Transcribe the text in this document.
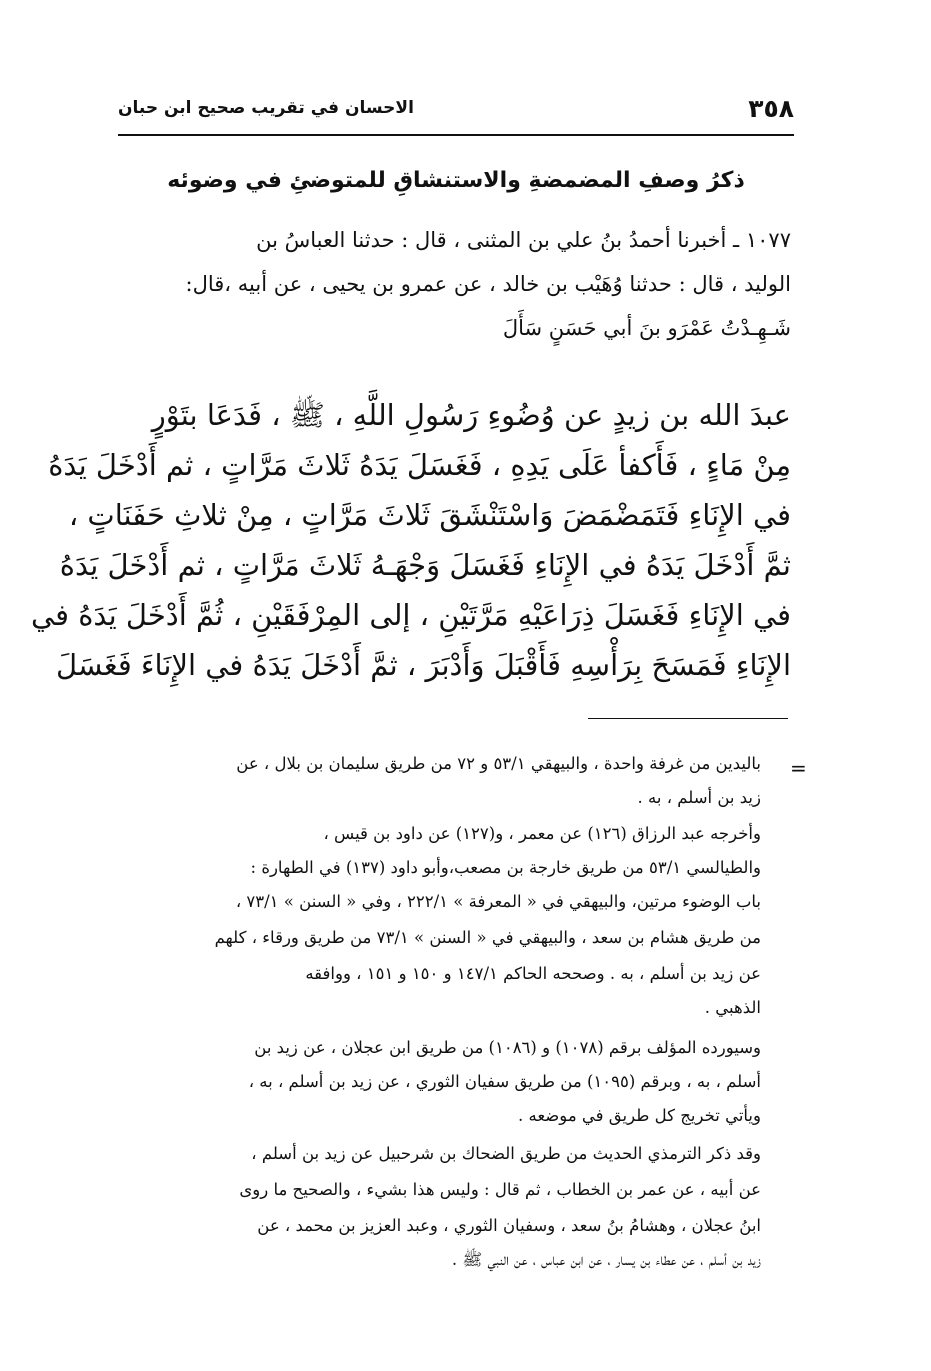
٣٥٨
الاحسان في تقريب صحيح ابن حبان
ذكرُ وصفِ المضمضةِ والاستنشاقِ للمتوضئِ في وضوئه
١٠٧٧ ـ أخبرنا أحمدُ بنُ علي بن المثنى ، قال : حدثنا العباسُ بن
الوليد ، قال : حدثنا وُهَيْب بن خالد ، عن عمرو بن يحيى ، عن أبيه ،قال:
شَـهِـدْتُ عَمْرَو بنَ أبي حَسَنٍ سَأَلَ
عبدَ الله بن زيدٍ عن وُضُوءِ رَسُولِ اللَّهِ ، ﷺ ، فَدَعَا بتَوْرٍ
مِنْ مَاءٍ ، فَأَكفأ عَلَى يَدِهِ ، فَغَسَلَ يَدَهُ ثَلاثَ مَرَّاتٍ ، ثم أَدْخَلَ يَدَهُ
في الإِنَاءِ فَتَمَضْمَضَ وَاسْتَنْشَقَ ثَلاثَ مَرَّاتٍ ، مِنْ ثلاثِ حَفَنَاتٍ ،
ثمَّ أَدْخَلَ يَدَهُ في الإِنَاءِ فَغَسَلَ وَجْهَـهُ ثَلاثَ مَرَّاتٍ ، ثم أَدْخَلَ يَدَهُ
في الإِنَاءِ فَغَسَلَ ذِرَاعَيْهِ مَرَّتَيْنِ ، إلى المِرْفَقَيْنِ ، ثُمَّ أَدْخَلَ يَدَهُ في
الإِنَاءِ فَمَسَحَ بِرَأْسِهِ فَأَقْبَلَ وَأَدْبَرَ ، ثمَّ أَدْخَلَ يَدَهُ في الإِنَاءَ فَغَسَلَ
=
باليدين من غرفة واحدة ، والبيهقي ٥٣/١ و ٧٢ من طريق سليمان بن بلال ، عن
زيد بن أسلم ، به .
وأخرجه عبد الرزاق (١٢٦) عن معمر ، و(١٢٧) عن داود بن قيس ،
والطيالسي ٥٣/١ من طريق خارجة بن مصعب،وأبو داود (١٣٧) في الطهارة :
باب الوضوء مرتين، والبيهقي في « المعرفة » ٢٢٢/١ ، وفي « السنن » ٧٣/١ ،
من طريق هشام بن سعد ، والبيهقي في « السنن » ٧٣/١ من طريق ورقاء ، كلهم
عن زيد بن أسلم ، به . وصححه الحاكم ١٤٧/١ و ١٥٠ و ١٥١ ، ووافقه
الذهبي .
وسيورده المؤلف برقم (١٠٧٨) و (١٠٨٦) من طريق ابن عجلان ، عن زيد بن
أسلم ، به ، وبرقم (١٠٩٥) من طريق سفيان الثوري ، عن زيد بن أسلم ، به ،
ويأتي تخريج كل طريق في موضعه .
وقد ذكر الترمذي الحديث من طريق الضحاك بن شرحبيل عن زيد بن أسلم ،
عن أبيه ، عن عمر بن الخطاب ، ثم قال : وليس هذا بشيء ، والصحيح ما روى
ابنُ عجلان ، وهشامُ بنُ سعد ، وسفيان الثوري ، وعبد العزيز بن محمد ، عن
زيد بن أسلم ، عن عطاء بن يسار ، عن ابن عباس ، عن النبي ﷺ .
